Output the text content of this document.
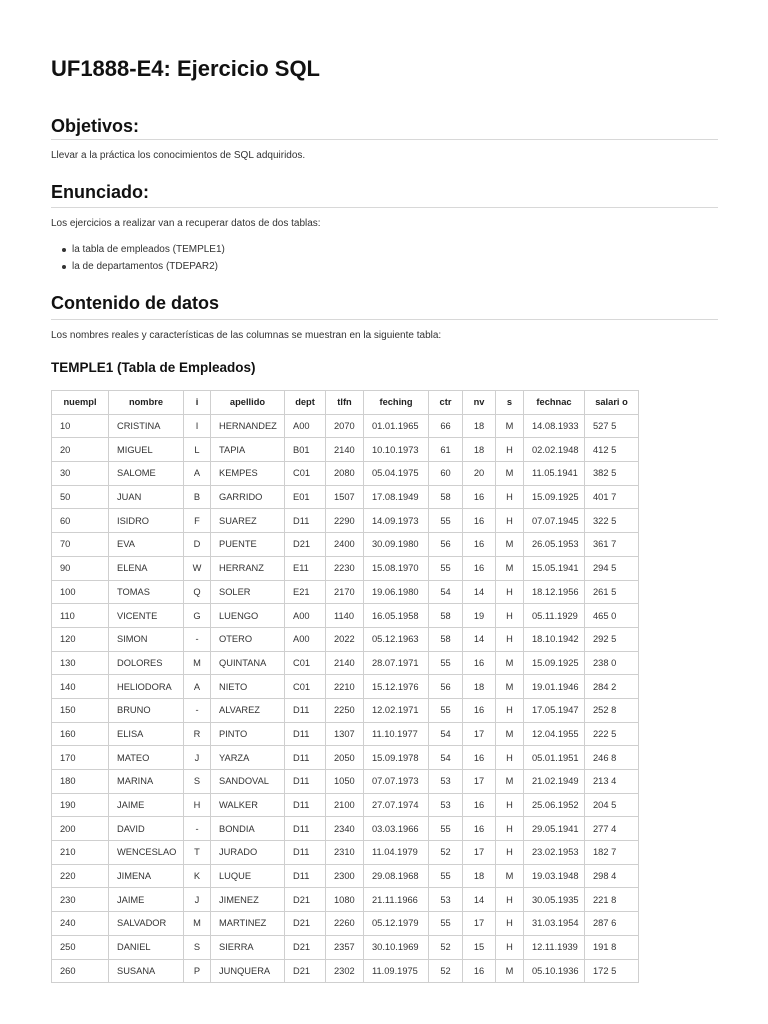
UF1888-E4: Ejercicio SQL
Objetivos:

Llevar a la práctica los conocimientos de SQL adquiridos.

Enunciado:

Los ejercicios a realizar van a recuperar datos de dos tablas:

la tabla de empleados (TEMPLE1)
la de departamentos (TDEPAR2)
Contenido de datos

Los nombres reales y características de las columnas se muestran en la siguiente tabla:

TEMPLE1 (Tabla de Empleados)
nuempl	nombre	i	apellido	dept	tlfn	feching	ctr	nv	s	fechnac	salari o
10	CRISTINA	I	HERNANDEZ	A00	2070	01.01.1965	66	18	M	14.08.1933	527 5
20	MIGUEL	L	TAPIA	B01	2140	10.10.1973	61	18	H	02.02.1948	412 5
30	SALOME	A	KEMPES	C01	2080	05.04.1975	60	20	M	11.05.1941	382 5
50	JUAN	B	GARRIDO	E01	1507	17.08.1949	58	16	H	15.09.1925	401 7
60	ISIDRO	F	SUAREZ	D11	2290	14.09.1973	55	16	H	07.07.1945	322 5
70	EVA	D	PUENTE	D21	2400	30.09.1980	56	16	M	26.05.1953	361 7
90	ELENA	W	HERRANZ	E11	2230	15.08.1970	55	16	M	15.05.1941	294 5
100	TOMAS	Q	SOLER	E21	2170	19.06.1980	54	14	H	18.12.1956	261 5
110	VICENTE	G	LUENGO	A00	1140	16.05.1958	58	19	H	05.11.1929	465 0
120	SIMON	-	OTERO	A00	2022	05.12.1963	58	14	H	18.10.1942	292 5
130	DOLORES	M	QUINTANA	C01	2140	28.07.1971	55	16	M	15.09.1925	238 0
140	HELIODORA	A	NIETO	C01	2210	15.12.1976	56	18	M	19.01.1946	284 2
150	BRUNO	-	ALVAREZ	D11	2250	12.02.1971	55	16	H	17.05.1947	252 8
160	ELISA	R	PINTO	D11	1307	11.10.1977	54	17	M	12.04.1955	222 5
170	MATEO	J	YARZA	D11	2050	15.09.1978	54	16	H	05.01.1951	246 8
180	MARINA	S	SANDOVAL	D11	1050	07.07.1973	53	17	M	21.02.1949	213 4
190	JAIME	H	WALKER	D11	2100	27.07.1974	53	16	H	25.06.1952	204 5
200	DAVID	-	BONDIA	D11	2340	03.03.1966	55	16	H	29.05.1941	277 4
210	WENCESLAO	T	JURADO	D11	2310	11.04.1979	52	17	H	23.02.1953	182 7
220	JIMENA	K	LUQUE	D11	2300	29.08.1968	55	18	M	19.03.1948	298 4
230	JAIME	J	JIMENEZ	D21	1080	21.11.1966	53	14	H	30.05.1935	221 8
240	SALVADOR	M	MARTINEZ	D21	2260	05.12.1979	55	17	H	31.03.1954	287 6
250	DANIEL	S	SIERRA	D21	2357	30.10.1969	52	15	H	12.11.1939	191 8
260	SUSANA	P	JUNQUERA	D21	2302	11.09.1975	52	16	M	05.10.1936	172 5
